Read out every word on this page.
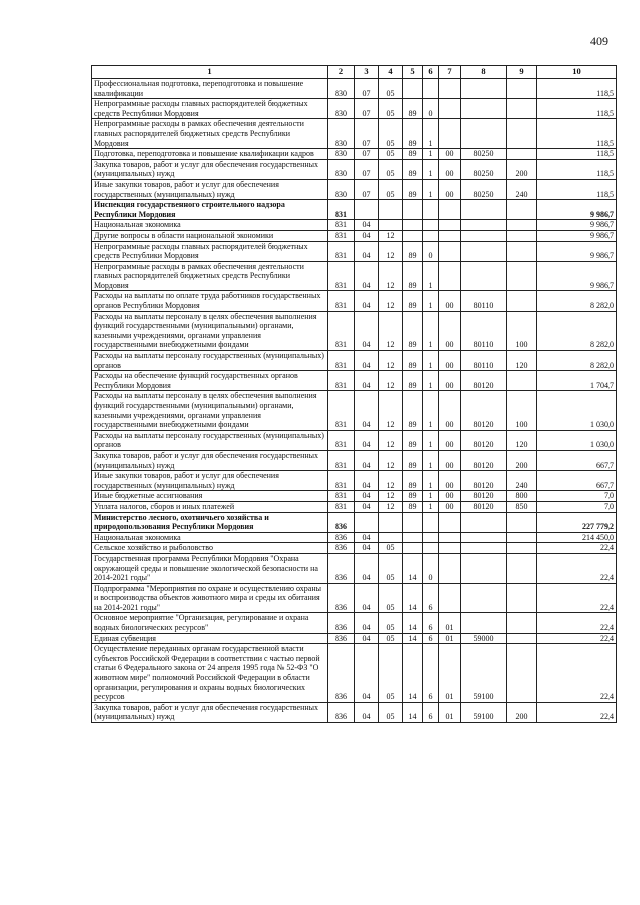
409
1	2	3	4	5	6	7	8	9	10
Профессиональная подготовка, переподготовка и повышение квалификации	830	07	05						118,5
Непрограммные расходы главных распорядителей бюджетных средств Республики Мордовия	830	07	05	89	0				118,5
Непрограммные расходы в рамках обеспечения деятельности главных распорядителей бюджетных средств Республики Мордовия	830	07	05	89	1				118,5
Подготовка, переподготовка и повышение квалификации кадров	830	07	05	89	1	00	80250		118,5
Закупка товаров, работ и услуг для обеспечения государственных (муниципальных) нужд	830	07	05	89	1	00	80250	200	118,5
Иные закупки товаров, работ и услуг для обеспечения государственных (муниципальных) нужд	830	07	05	89	1	00	80250	240	118,5
Инспекция государственного строительного надзора Республики Мордовия	831								9 986,7
Национальная экономика	831	04							9 986,7
Другие вопросы в области национальной экономики	831	04	12						9 986,7
Непрограммные расходы главных распорядителей бюджетных средств Республики Мордовия	831	04	12	89	0				9 986,7
Непрограммные расходы в рамках обеспечения деятельности главных распорядителей бюджетных средств Республики Мордовия	831	04	12	89	1				9 986,7
Расходы на выплаты по оплате труда работников государственных органов Республики Мордовия	831	04	12	89	1	00	80110		8 282,0
Расходы на выплаты персоналу в целях обеспечения выполнения функций государственными (муниципальными) органами, казенными учреждениями, органами управления государственными внебюджетными фондами	831	04	12	89	1	00	80110	100	8 282,0
Расходы на выплаты персоналу государственных (муниципальных) органов	831	04	12	89	1	00	80110	120	8 282,0
Расходы на обеспечение функций государственных органов Республики Мордовия	831	04	12	89	1	00	80120		1 704,7
Расходы на выплаты персоналу в целях обеспечения выполнения функций государственными (муниципальными) органами, казенными учреждениями, органами управления государственными внебюджетными фондами	831	04	12	89	1	00	80120	100	1 030,0
Расходы на выплаты персоналу государственных (муниципальных) органов	831	04	12	89	1	00	80120	120	1 030,0
Закупка товаров, работ и услуг для обеспечения государственных (муниципальных) нужд	831	04	12	89	1	00	80120	200	667,7
Иные закупки товаров, работ и услуг для обеспечения государственных (муниципальных) нужд	831	04	12	89	1	00	80120	240	667,7
Иные бюджетные ассигнования	831	04	12	89	1	00	80120	800	7,0
Уплата налогов, сборов и иных платежей	831	04	12	89	1	00	80120	850	7,0
Министерство лесного, охотничьего хозяйства и природопользования Республики Мордовия	836								227 779,2
Национальная экономика	836	04							214 450,0
Сельское хозяйство и рыболовство	836	04	05						22,4
Государственная программа Республики Мордовия "Охрана окружающей среды и повышение экологической безопасности на 2014-2021 годы"	836	04	05	14	0				22,4
Подпрограмма "Мероприятия по охране и осуществлению охраны и воспроизводства объектов животного мира и среды их обитания на 2014-2021 годы"	836	04	05	14	6				22,4
Основное мероприятие "Организация, регулирование и охрана водных биологических ресурсов"	836	04	05	14	6	01			22,4
Единая субвенция	836	04	05	14	6	01	59000		22,4
Осуществление переданных органам государственной власти субъектов Российской Федерации в соответствии с частью первой статьи 6 Федерального закона от 24 апреля 1995 года № 52-ФЗ "О животном мире" полномочий Российской Федерации в области организации, регулирования и охраны водных биологических ресурсов	836	04	05	14	6	01	59100		22,4
Закупка товаров, работ и услуг для обеспечения государственных (муниципальных) нужд	836	04	05	14	6	01	59100	200	22,4
